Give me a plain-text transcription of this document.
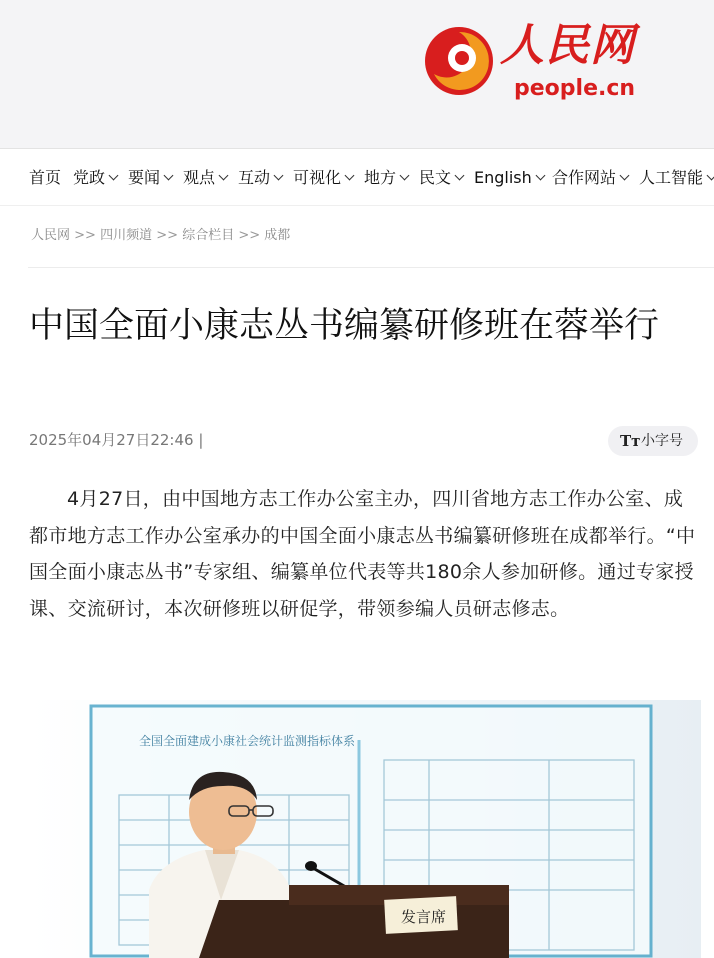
人民网
people.cn
首页 党政	要闻	观点	互动	可视化	地方	民文	English	合作网站	人工智能
人民网 >> 四川频道 >> 综合栏目 >> 成都
中国全面小康志丛书编纂研修班在蓉举行
2025年04月27日22:46 |	Tт 小字号

4月27日，由中国地方志工作办公室主办，四川省地方志工作办公室、成都市地方志工作办公室承办的中国全面小康志丛书编纂研修班在成都举行。“中国全面小康志丛书”专家组、编纂单位代表等共180余人参加研修。通过专家授课、交流研讨，本次研修班以研促学，带领参编人员研志修志。

全国全面建成小康社会统计监测指标体系
发言席
